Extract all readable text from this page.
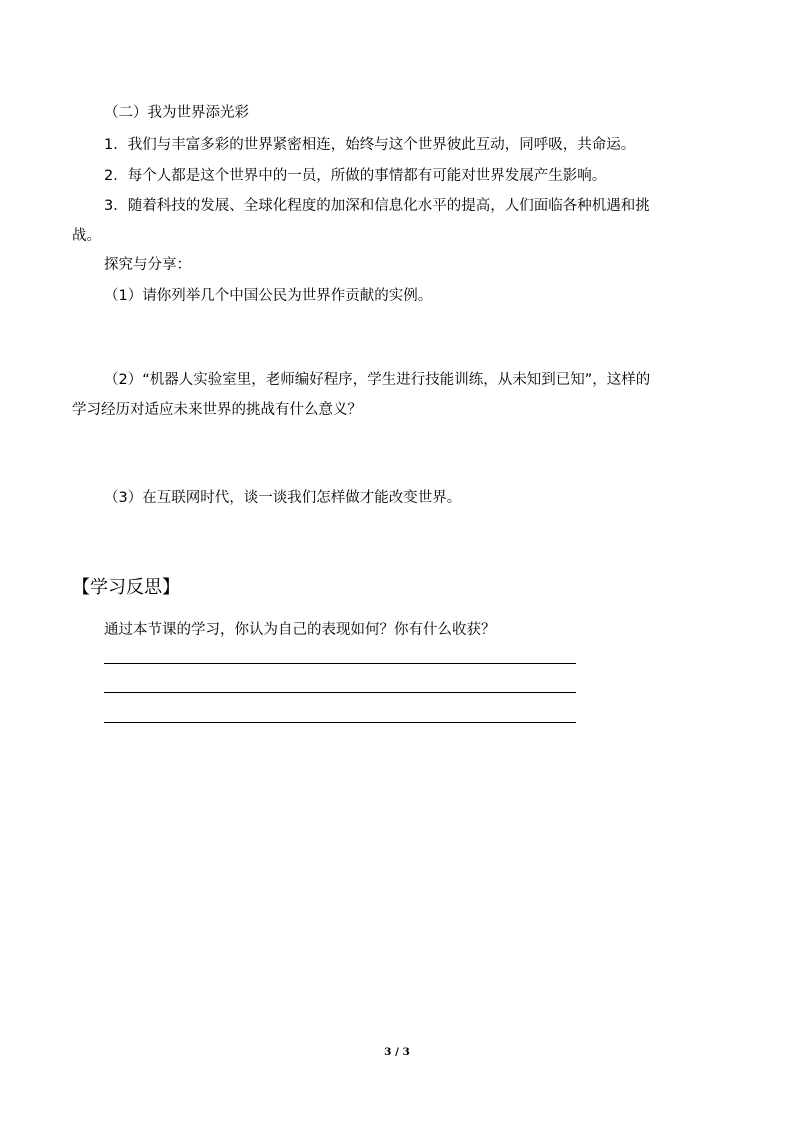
（二）我为世界添光彩
1．我们与丰富多彩的世界紧密相连，始终与这个世界彼此互动，同呼吸，共命运。
2．每个人都是这个世界中的一员，所做的事情都有可能对世界发展产生影响。
3．随着科技的发展、全球化程度的加深和信息化水平的提高，人们面临各种机遇和挑
战。
探究与分享：
（1）请你列举几个中国公民为世界作贡献的实例。
（2）“机器人实验室里，老师编好程序，学生进行技能训练，从未知到已知”，这样的
学习经历对适应未来世界的挑战有什么意义？
（3）在互联网时代，谈一谈我们怎样做才能改变世界。
【学习反思】
通过本节课的学习，你认为自己的表现如何？你有什么收获？
3 / 3
